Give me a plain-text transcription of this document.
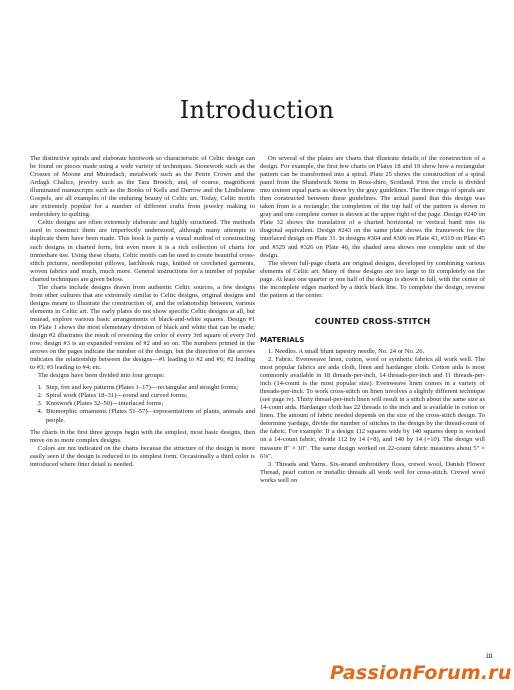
Introduction

The distinctive spirals and elaborate knotwork so characteristic of Celtic design can be found on pieces made using a wide variety of techniques. Stonework such as the Crosses of Moone and Muiredach, metalwork such as the Petrie Crown and the Ardagh Chalice, jewelry such as the Tara Brooch, and, of course, magnificent illuminated manuscripts such as the Books of Kells and Durrow and the Lindisfarne Gospels, are all examples of the enduring beauty of Celtic art. Today, Celtic motifs are extremely popular for a number of different crafts from jewelry making to embroidery to quilting.

Celtic designs are often extremely elaborate and highly structured. The methods used to construct them are imperfectly understood, although many attempts to duplicate them have been made. This book is partly a visual method of constructing such designs in charted form, but even more it is a rich collection of charts for immediate use. Using these charts, Celtic motifs can be used to create beautiful cross-stitch pictures, needlepoint pillows, latchhook rugs, knitted or crocheted garments, woven fabrics and much, much more. General instructions for a number of popular charted techniques are given below.

The charts include designs drawn from authentic Celtic sources, a few designs from other cultures that are extremely similar to Celtic designs, original designs and designs meant to illustrate the construction of, and the relationship between, various elements in Celtic art. The early plates do not show specific Celtic designs at all, but instead, explore various basic arrangements of black-and-white squares. Design #1 on Plate 1 shows the most elementary division of black and white that can be made; design #2 illustrates the result of reversing the color of every 3rd square of every 3rd row; design #3 is an expanded version of #2 and so on. The numbers printed in the arrows on the pages indicate the number of the design, but the direction of the arrows indicates the relationship between the designs—#1 leading to #2 and #6; #2 leading to #3; #3 leading to #4; etc.

The designs have been divided into four groups:

1. Step, fret and key patterns (Plates 1–17)—rectangular and straight forms;
2. Spiral work (Plates 18–31)—round and curved forms;
3. Knotwork (Plates 32–50)—interlaced forms;
4. Biomorphic ornaments (Plates 51–57)—representations of plants, animals and people.

The charts in the first three groups begin with the simplest, most basic designs, then move on to more complex designs.

Colors are not indicated on the charts because the structure of the design is more easily seen if the design is reduced to its simplest form. Occasionally a third color is introduced where finer detail is needed.

On several of the plates are charts that illustrate details of the construction of a design. For example, the first few charts on Plates 18 and 19 show how a rectangular pattern can be transformed into a spiral. Plate 25 shows the construction of a spiral panel from the Shandwick Stone in Ross-shire, Scotland. First the circle is divided into sixteen equal parts as shown by the gray guidelines. The three rings of spirals are then constructed between these guidelines. The actual panel that this design was taken from is a rectangle; the completion of the top half of the pattern is shown in gray and one complete corner is shown at the upper right of the page. Design #240 on Plate 32 shows the translation of a charted horizontal or vertical band into its diagonal equivalent. Design #243 on the same plate shows the framework for the interlaced design on Plate 31. In designs #304 and #306 on Plate 43, #319 on Plate 45 and #325 and #326 on Plate 46, the shaded area shows one complete unit of the design.

The eleven full-page charts are original designs, developed by combining various elements of Celtic art. Many of these designs are too large to fit completely on the page. At least one quarter or one half of the design is shown in full, with the center of the incomplete edges marked by a thick black line. To complete the design, reverse the pattern at the center.

COUNTED CROSS-STITCH
MATERIALS

1. Needles. A small blunt tapestry needle, No. 24 or No. 26.

2. Fabric. Evenweave linen, cotton, wool or synthetic fabrics all work well. The most popular fabrics are aida cloth, linen and hardanger cloth. Cotton aida is most commonly available in 18 threads-per-inch, 14 threads-per-inch and 11 threads-per-inch (14-count is the most popular size). Evenweave linen comes in a variety of threads-per-inch. To work cross-stitch on linen involves a slightly different technique (see page iv). Thirty thread-per-inch linen will result in a stitch about the same size as 14-count aida. Hardanger cloth has 22 threads to the inch and is available in cotton or linen. The amount of fabric needed depends on the size of the cross-stitch design. To determine yardage, divide the number of stitches in the design by the thread-count of the fabric. For example: If a design 112 squares wide by 140 squares deep is worked on a 14-count fabric, divide 112 by 14 (=8), and 140 by 14 (=10). The design will measure 8" × 10". The same design worked on 22-count fabric measures about 5" × 6⅜".

3. Threads and Yarns. Six-strand embroidery floss, crewel wool, Danish Flower Thread, pearl cotton or metallic threads all work well for cross-stitch. Crewel wool works well on

iii
PassionForum.ru
